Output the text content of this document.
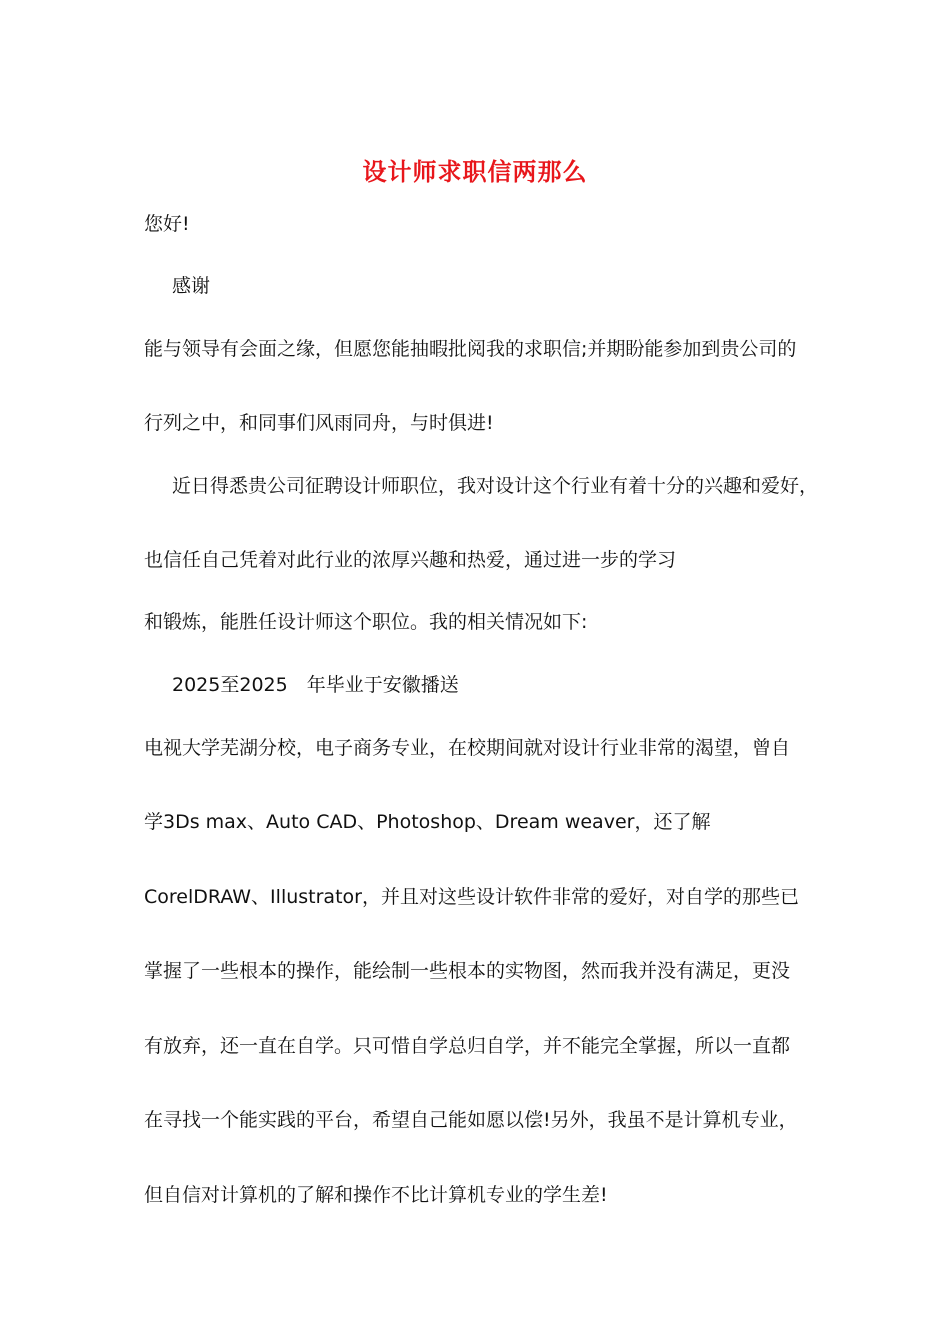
设计师求职信两那么
您好!
感谢
能与领导有会面之缘，但愿您能抽暇批阅我的求职信;并期盼能参加到贵公司的
行列之中，和同事们风雨同舟，与时俱进!
近日得悉贵公司征聘设计师职位，我对设计这个行业有着十分的兴趣和爱好，
也信任自己凭着对此行业的浓厚兴趣和热爱，通过进一步的学习
和锻炼，能胜任设计师这个职位。我的相关情况如下:
2025至2025　年毕业于安徽播送
电视大学芜湖分校，电子商务专业，在校期间就对设计行业非常的渴望，曾自
学3Ds max、Auto CAD、Photoshop、Dream weaver，还了解
CorelDRAW、Illustrator，并且对这些设计软件非常的爱好，对自学的那些已
掌握了一些根本的操作，能绘制一些根本的实物图，然而我并没有满足，更没
有放弃，还一直在自学。只可惜自学总归自学，并不能完全掌握，所以一直都
在寻找一个能实践的平台，希望自己能如愿以偿!另外，我虽不是计算机专业，
但自信对计算机的了解和操作不比计算机专业的学生差!
